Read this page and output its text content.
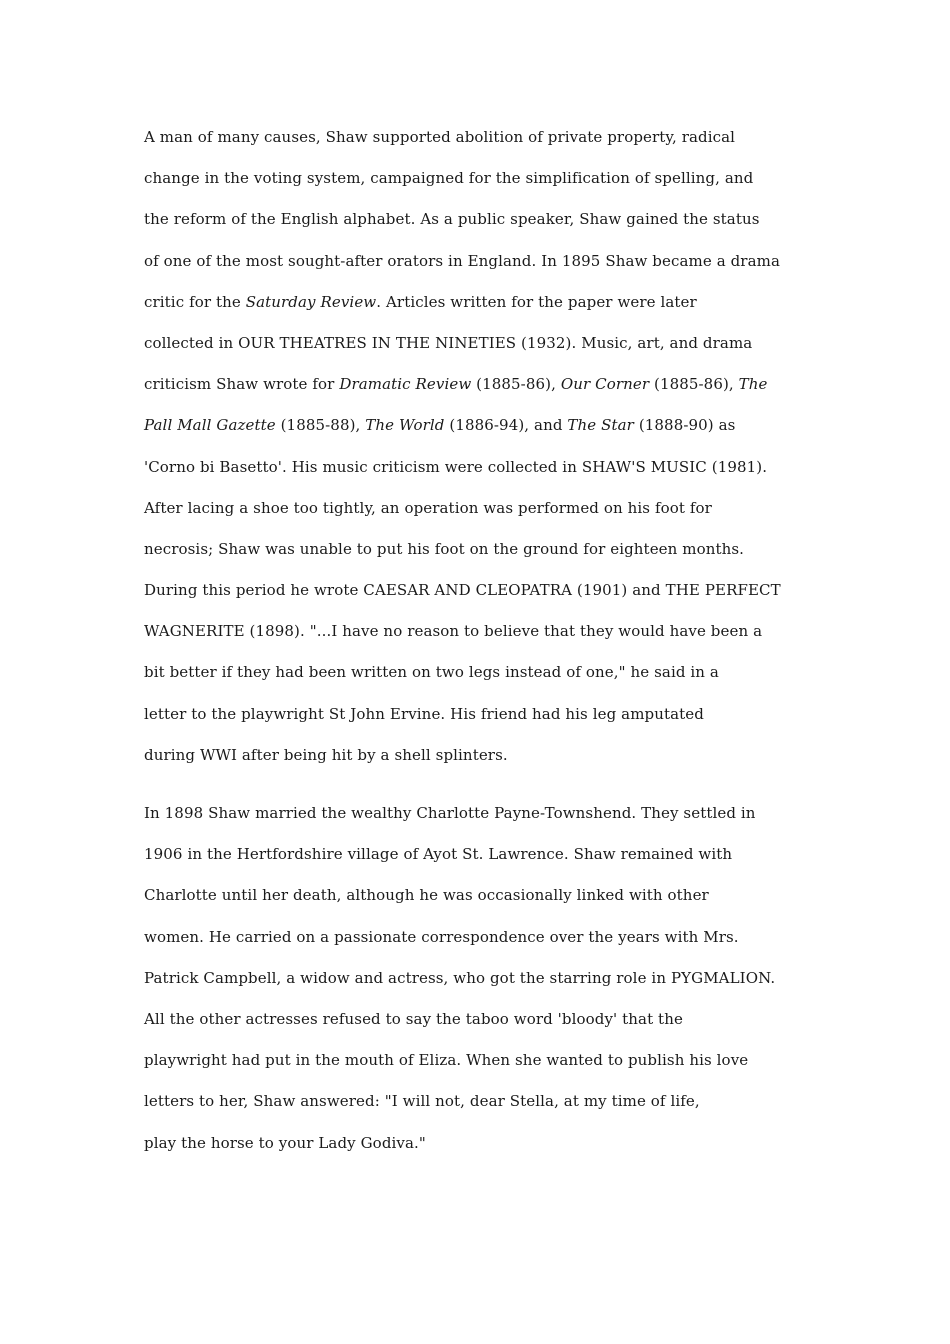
A man of many causes, Shaw supported abolition of private property, radical
change in the voting system, campaigned for the simplification of spelling, and
the reform of the English alphabet. As a public speaker, Shaw gained the status
of one of the most sought-after orators in England. In 1895 Shaw became a drama
critic for the Saturday Review. Articles written for the paper were later
collected in OUR THEATRES IN THE NINETIES (1932). Music, art, and drama
criticism Shaw wrote for Dramatic Review (1885-86), Our Corner (1885-86), The
Pall Mall Gazette (1885-88), The World (1886-94), and The Star (1888-90) as
'Corno bi Basetto'. His music criticism were collected in SHAW'S MUSIC (1981).
After lacing a shoe too tightly, an operation was performed on his foot for
necrosis; Shaw was unable to put his foot on the ground for eighteen months.
During this period he wrote CAESAR AND CLEOPATRA (1901) and THE PERFECT
WAGNERITE (1898). "...I have no reason to believe that they would have been a
bit better if they had been written on two legs instead of one," he said in a
letter to the playwright St John Ervine. His friend had his leg amputated
during WWI after being hit by a shell splinters.
In 1898 Shaw married the wealthy Charlotte Payne-Townshend. They settled in
1906 in the Hertfordshire village of Ayot St. Lawrence. Shaw remained with
Charlotte until her death, although he was occasionally linked with other
women. He carried on a passionate correspondence over the years with Mrs.
Patrick Campbell, a widow and actress, who got the starring role in PYGMALION.
All the other actresses refused to say the taboo word 'bloody' that the
playwright had put in the mouth of Eliza. When she wanted to publish his love
letters to her, Shaw answered: "I will not, dear Stella, at my time of life,
play the horse to your Lady Godiva."
